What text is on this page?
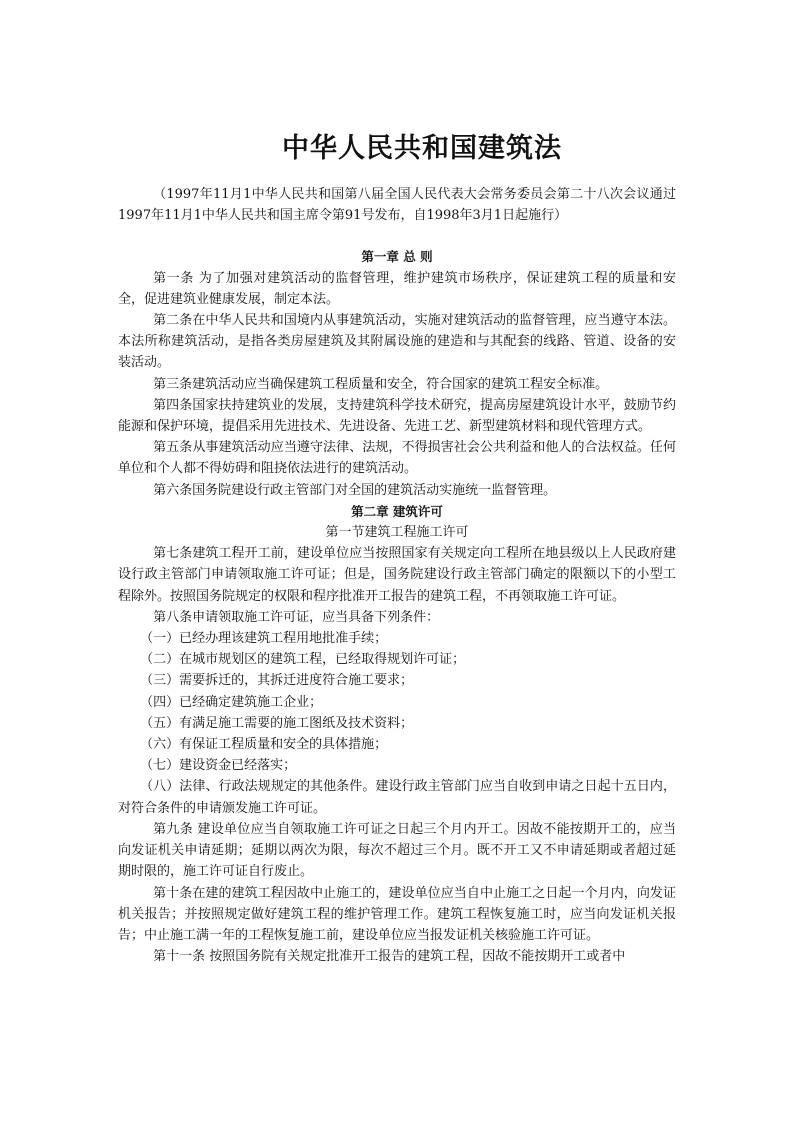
中华人民共和国建筑法

（1997年11月1中华人民共和国第八届全国人民代表大会常务委员会第二十八次会议通过　　1997年11月1中华人民共和国主席令第91号发布，自1998年3月1日起施行）

第一章 总 则

第一条 为了加强对建筑活动的监督管理，维护建筑市场秩序，保证建筑工程的质量和安全，促进建筑业健康发展，制定本法。

第二条在中华人民共和国境内从事建筑活动，实施对建筑活动的监督管理，应当遵守本法。本法所称建筑活动，是指各类房屋建筑及其附属设施的建造和与其配套的线路、管道、设备的安装活动。

第三条建筑活动应当确保建筑工程质量和安全，符合国家的建筑工程安全标准。

第四条国家扶持建筑业的发展，支持建筑科学技术研究，提高房屋建筑设计水平，鼓励节约能源和保护环境，提倡采用先进技术、先进设备、先进工艺、新型建筑材料和现代管理方式。

第五条从事建筑活动应当遵守法律、法规，不得损害社会公共利益和他人的合法权益。任何单位和个人都不得妨碍和阻挠依法进行的建筑活动。

第六条国务院建设行政主管部门对全国的建筑活动实施统一监督管理。

第二章 建筑许可

第一节建筑工程施工许可

第七条建筑工程开工前，建设单位应当按照国家有关规定向工程所在地县级以上人民政府建设行政主管部门申请领取施工许可证；但是，国务院建设行政主管部门确定的限额以下的小型工程除外。按照国务院规定的权限和程序批准开工报告的建筑工程，不再领取施工许可证。

第八条申请领取施工许可证，应当具备下列条件：

（一）已经办理该建筑工程用地批准手续；

（二）在城市规划区的建筑工程，已经取得规划许可证；

（三）需要拆迁的，其拆迁进度符合施工要求；

（四）已经确定建筑施工企业；

（五）有满足施工需要的施工图纸及技术资料；

（六）有保证工程质量和安全的具体措施；

（七）建设资金已经落实；

（八）法律、行政法规规定的其他条件。建设行政主管部门应当自收到申请之日起十五日内，对符合条件的申请颁发施工许可证。

第九条 建设单位应当自领取施工许可证之日起三个月内开工。因故不能按期开工的，应当向发证机关申请延期；延期以两次为限，每次不超过三个月。既不开工又不申请延期或者超过延期时限的，施工许可证自行废止。

第十条在建的建筑工程因故中止施工的，建设单位应当自中止施工之日起一个月内，向发证机关报告；并按照规定做好建筑工程的维护管理工作。建筑工程恢复施工时，应当向发证机关报告；中止施工满一年的工程恢复施工前，建设单位应当报发证机关核验施工许可证。

第十一条 按照国务院有关规定批准开工报告的建筑工程，因故不能按期开工或者中
